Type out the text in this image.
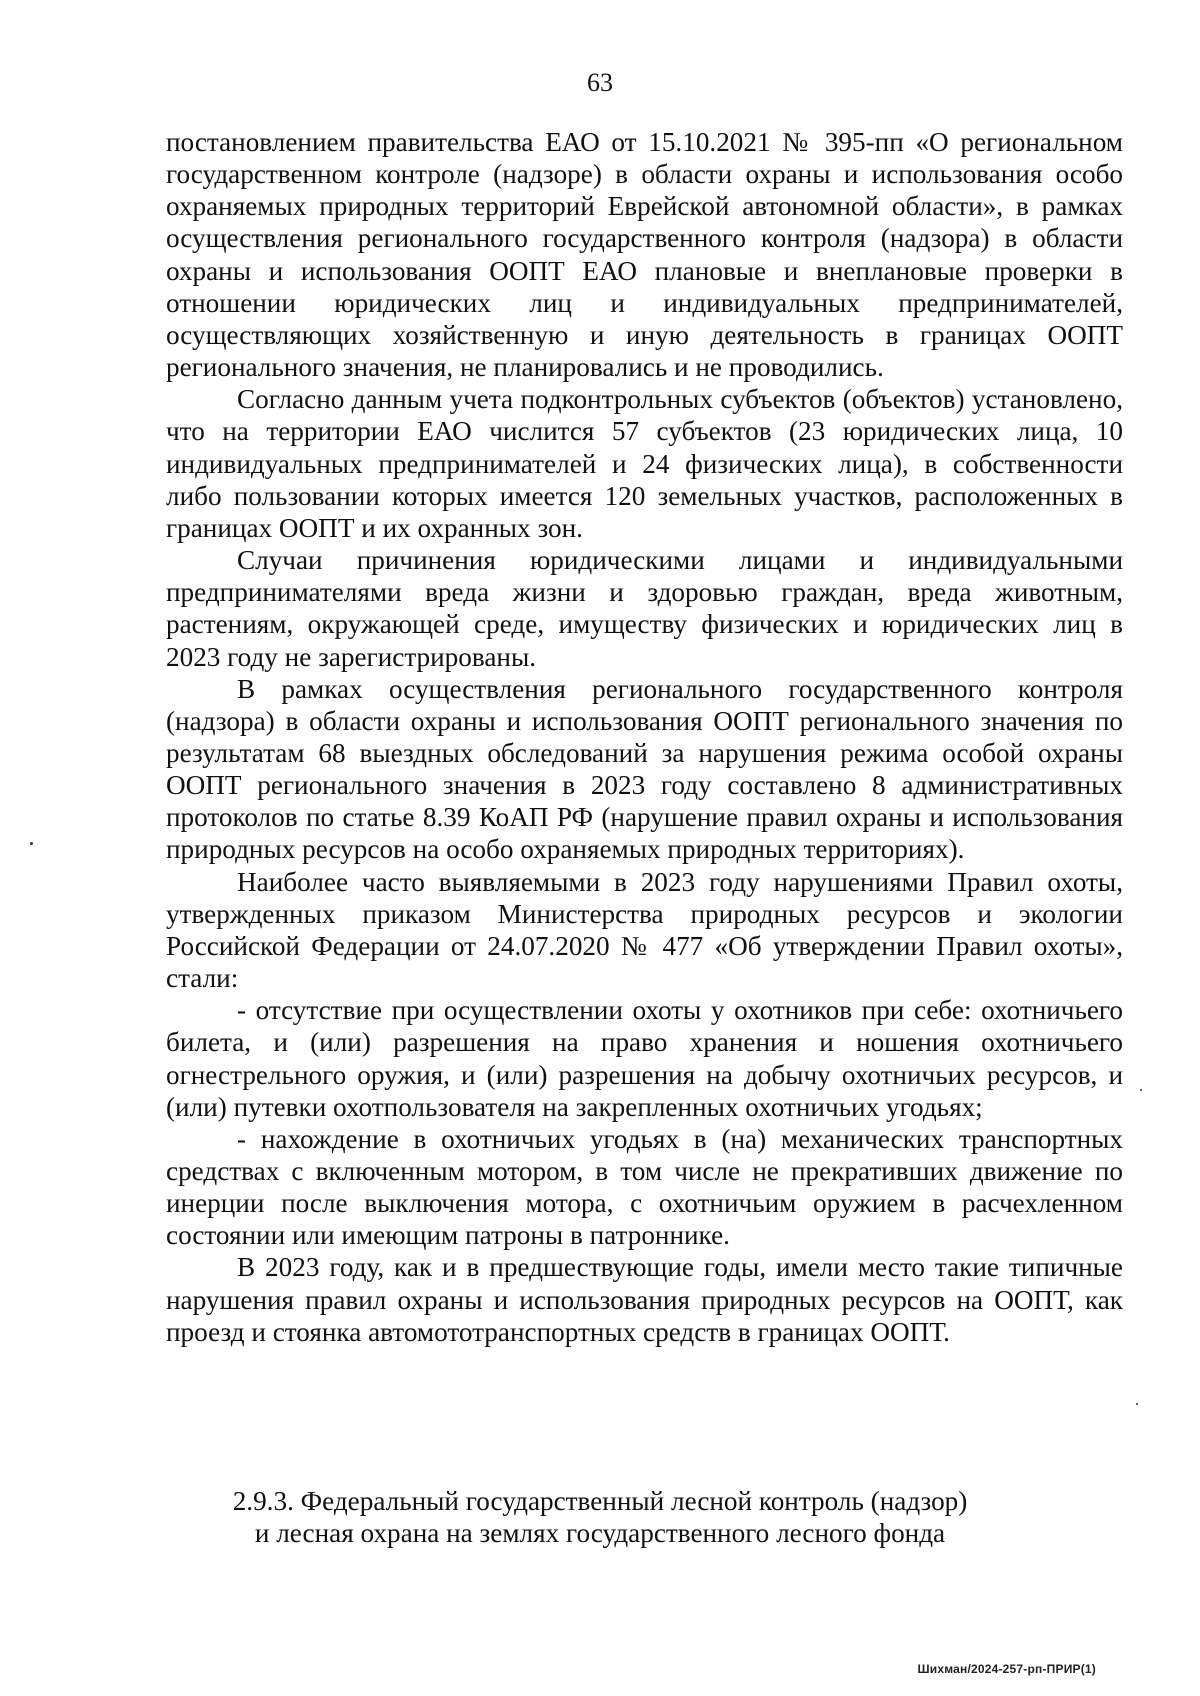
63

постановлением правительства ЕАО от 15.10.2021 № 395-пп «О региональном государственном контроле (надзоре) в области охраны и использования особо охраняемых природных территорий Еврейской автономной области», в рамках осуществления регионального государственного контроля (надзора) в области охраны и использования ООПТ ЕАО плановые и внеплановые проверки в отношении юридических лиц и индивидуальных предпринимателей, осуществляющих хозяйственную и иную деятельность в границах ООПТ регионального значения, не планировались и не проводились.

Согласно данным учета подконтрольных субъектов (объектов) установлено, что на территории ЕАО числится 57 субъектов (23 юридических лица, 10 индивидуальных предпринимателей и 24 физических лица), в собственности либо пользовании которых имеется 120 земельных участков, расположенных в границах ООПТ и их охранных зон.

Случаи причинения юридическими лицами и индивидуальными предпринимателями вреда жизни и здоровью граждан, вреда животным, растениям, окружающей среде, имуществу физических и юридических лиц в 2023 году не зарегистрированы.

В рамках осуществления регионального государственного контроля (надзора) в области охраны и использования ООПТ регионального значения по результатам 68 выездных обследований за нарушения режима особой охраны ООПТ регионального значения в 2023 году составлено 8 административных протоколов по статье 8.39 КоАП РФ (нарушение правил охраны и использования природных ресурсов на особо охраняемых природных территориях).

Наиболее часто выявляемыми в 2023 году нарушениями Правил охоты, утвержденных приказом Министерства природных ресурсов и экологии Российской Федерации от 24.07.2020 № 477 «Об утверждении Правил охоты», стали:

- отсутствие при осуществлении охоты у охотников при себе: охотничьего билета, и (или) разрешения на право хранения и ношения охотничьего огнестрельного оружия, и (или) разрешения на добычу охотничьих ресурсов, и (или) путевки охотпользователя на закрепленных охотничьих угодьях;

- нахождение в охотничьих угодьях в (на) механических транспортных средствах с включенным мотором, в том числе не прекративших движение по инерции после выключения мотора, с охотничьим оружием в расчехленном состоянии или имеющим патроны в патроннике.

В 2023 году, как и в предшествующие годы, имели место такие типичные нарушения правил охраны и использования природных ресурсов на ООПТ, как проезд и стоянка автомототранспортных средств в границах ООПТ.

2.9.3. Федеральный государственный лесной контроль (надзор)
и лесная охрана на землях государственного лесного фонда
Шихман/2024-257-рп-ПРИР(1)
